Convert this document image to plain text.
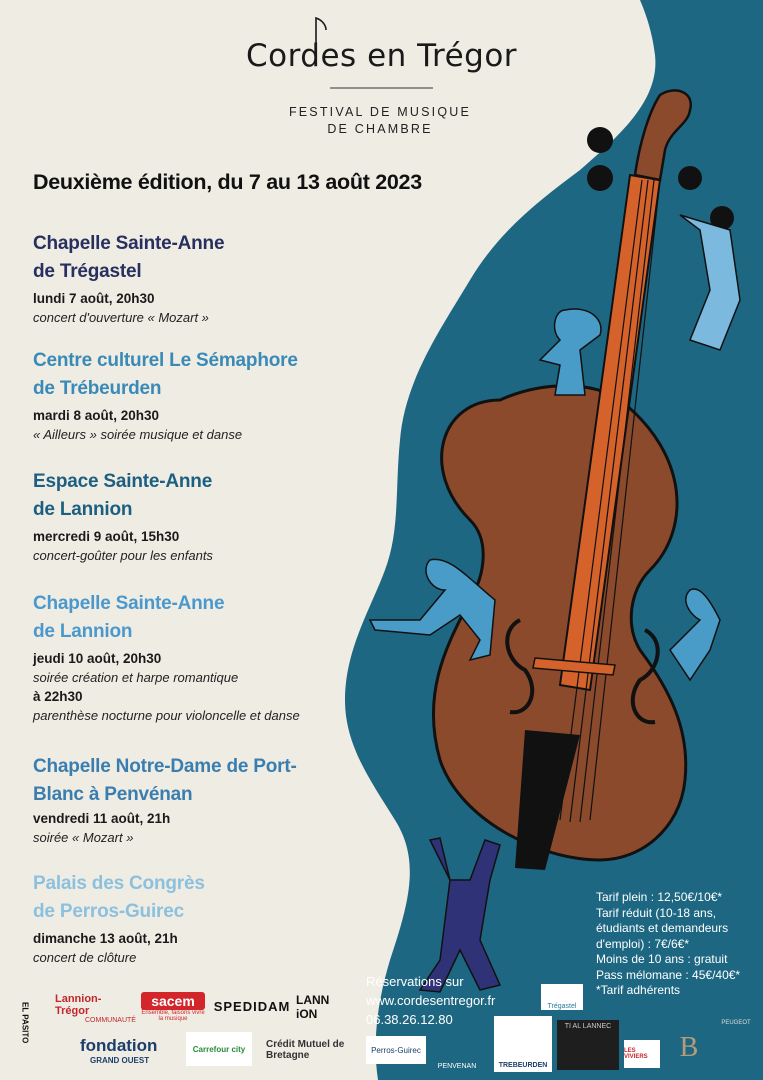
Cordes en Trégor
FESTIVAL DE MUSIQUE
DE CHAMBRE
Deuxième édition, du 7 au 13 août 2023
Chapelle Sainte-Anne
de Trégastel
lundi 7 août, 20h30
concert d'ouverture « Mozart »
Centre culturel Le Sémaphore
de Trébeurden
mardi 8 août, 20h30
« Ailleurs » soirée musique et danse
Espace Sainte-Anne
de Lannion
mercredi 9 août, 15h30
concert-goûter pour les enfants
Chapelle Sainte-Anne
de Lannion
jeudi 10 août, 20h30
soirée création et harpe romantique
à 22h30
parenthèse nocturne pour violoncelle et danse
Chapelle Notre-Dame de Port-
Blanc à Penvénan
vendredi 11 août, 21h
soirée « Mozart »
Palais des Congrès
de Perros-Guirec
dimanche 13 août, 21h
concert de clôture
Tarif plein : 12,50€/10€*
Tarif réduit (10-18 ans,
étudiants et demandeurs
d'emploi) : 7€/6€*
Moins de 10 ans : gratuit
Pass mélomane : 45€/40€*
*Tarif adhérents
Réservations sur
www.cordesentregor.fr
06.38.26.12.80
EL PASITO
Lannion-Trégor
COMMUNAUTÉ
sacem
Ensemble, faisons vivre la musique
SPEDIDAM LANN iON
fondation
GRAND OUEST
Carrefour city	Crédit Mutuel de Bretagne	Perros-Guirec
PENVENAN	TREBEURDEN
Trégastel
TI AL LANNEC
LES VIVIERS	B
PEUGEOT
